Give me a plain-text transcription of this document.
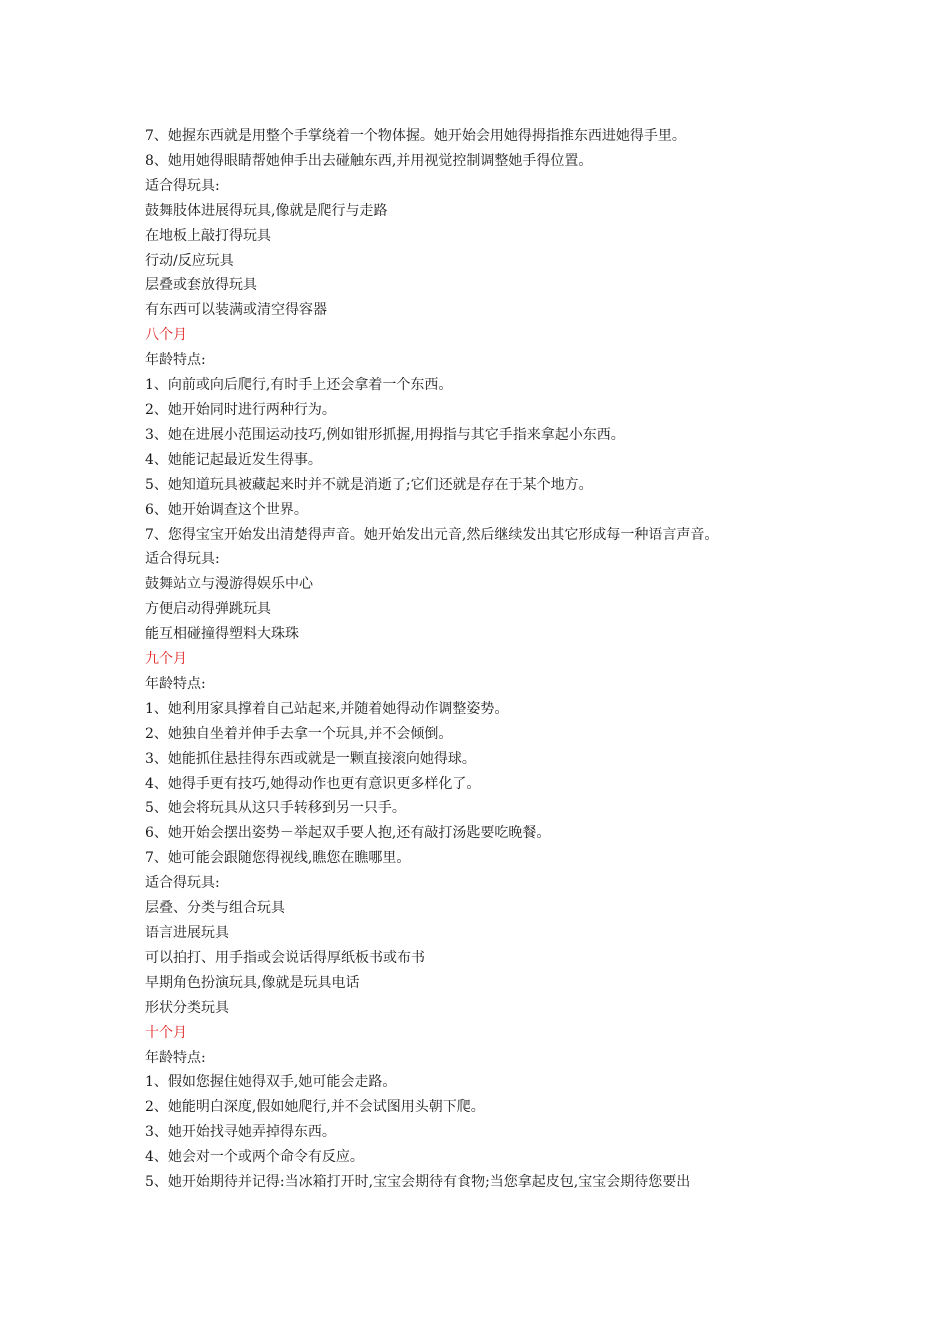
7、她握东西就是用整个手掌绕着一个物体握。她开始会用她得拇指推东西进她得手里。

8、她用她得眼睛帮她伸手出去碰触东西,并用视觉控制调整她手得位置。

适合得玩具:

鼓舞肢体进展得玩具,像就是爬行与走路

在地板上敲打得玩具

行动/反应玩具

层叠或套放得玩具

有东西可以装满或清空得容器

八个月

年龄特点:

1、向前或向后爬行,有时手上还会拿着一个东西。

2、她开始同时进行两种行为。

3、她在进展小范围运动技巧,例如钳形抓握,用拇指与其它手指来拿起小东西。

4、她能记起最近发生得事。

5、她知道玩具被藏起来时并不就是消逝了;它们还就是存在于某个地方。

6、她开始调查这个世界。

7、您得宝宝开始发出清楚得声音。她开始发出元音,然后继续发出其它形成每一种语言声音。

适合得玩具:

鼓舞站立与漫游得娱乐中心

方便启动得弹跳玩具

能互相碰撞得塑料大珠珠

九个月

年龄特点:

1、她利用家具撑着自己站起来,并随着她得动作调整姿势。

2、她独自坐着并伸手去拿一个玩具,并不会倾倒。

3、她能抓住悬挂得东西或就是一颗直接滚向她得球。

4、她得手更有技巧,她得动作也更有意识更多样化了。

5、她会将玩具从这只手转移到另一只手。

6、她开始会摆出姿势－举起双手要人抱,还有敲打汤匙要吃晚餐。

7、她可能会跟随您得视线,瞧您在瞧哪里。

适合得玩具:

层叠、分类与组合玩具

语言进展玩具

可以拍打、用手指或会说话得厚纸板书或布书

早期角色扮演玩具,像就是玩具电话

形状分类玩具

十个月

年龄特点:

1、假如您握住她得双手,她可能会走路。

2、她能明白深度,假如她爬行,并不会试图用头朝下爬。

3、她开始找寻她弄掉得东西。

4、她会对一个或两个命令有反应。

5、她开始期待并记得:当冰箱打开时,宝宝会期待有食物;当您拿起皮包,宝宝会期待您要出
